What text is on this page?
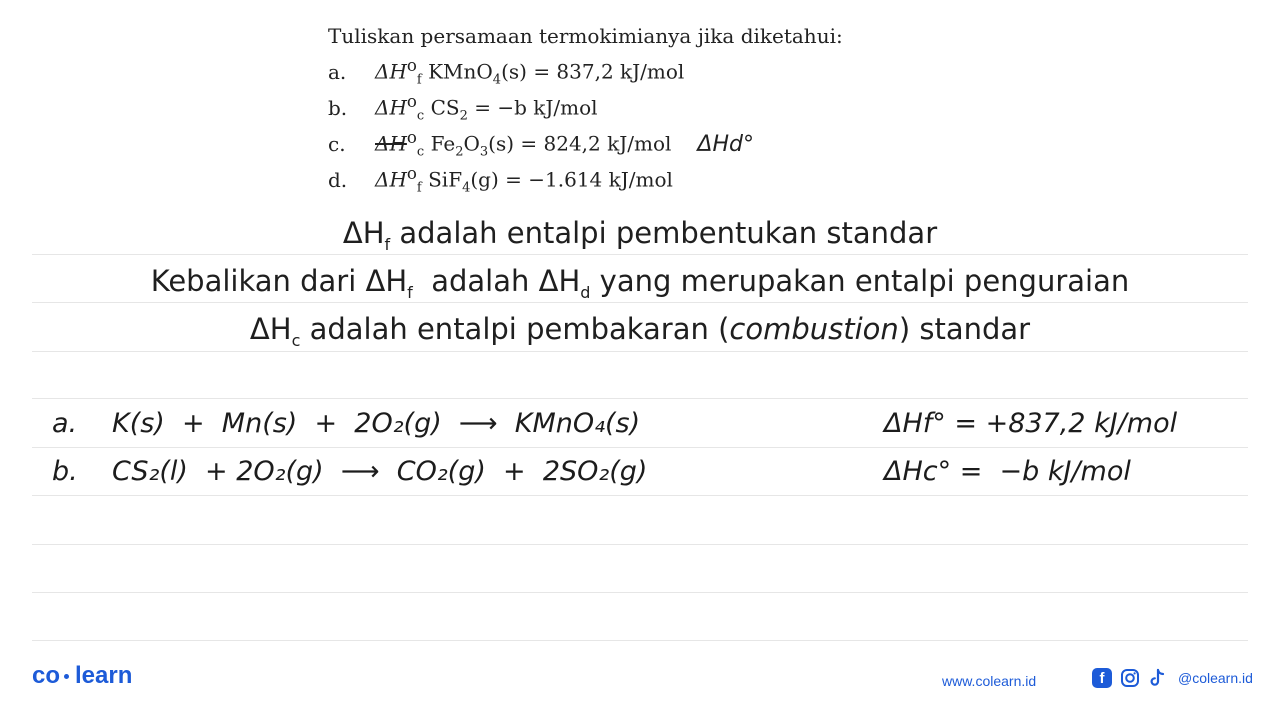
Tuliskan persamaan termokimianya jika diketahui:
a.	$\Delta H^o_f$ KMnO$_4$(s) = 837,2 kJ/mol
b.	$\Delta H^o_c$ $CS_2 = -b$ kJ/mol
c.	$\Delta H^o_c$ $Fe_2O_3(s) = 824,2$ kJ/mol ΔHd°
d.	$\Delta H^o_f$ SiF$_4$(g) = −1.614 kJ/mol
$\Delta H_f$ adalah entalpi pembentukan standar
Kebalikan dari $\Delta H_f$  adalah $\Delta H_d$ yang merupakan entalpi penguraian
$\Delta H_c$ adalah entalpi pembakaran (combustion) standar
a. K(s)  +  Mn(s)  +  2O₂(g)  ⟶  KMnO₄(s)	ΔHf° = +837,2 kJ/mol
b. CS₂(l)  + 2O₂(g)  ⟶  CO₂(g)  +  2SO₂(g)	ΔHc° =  −b kJ/mol
co learn	www.colearn.id	f	@colearn.id
